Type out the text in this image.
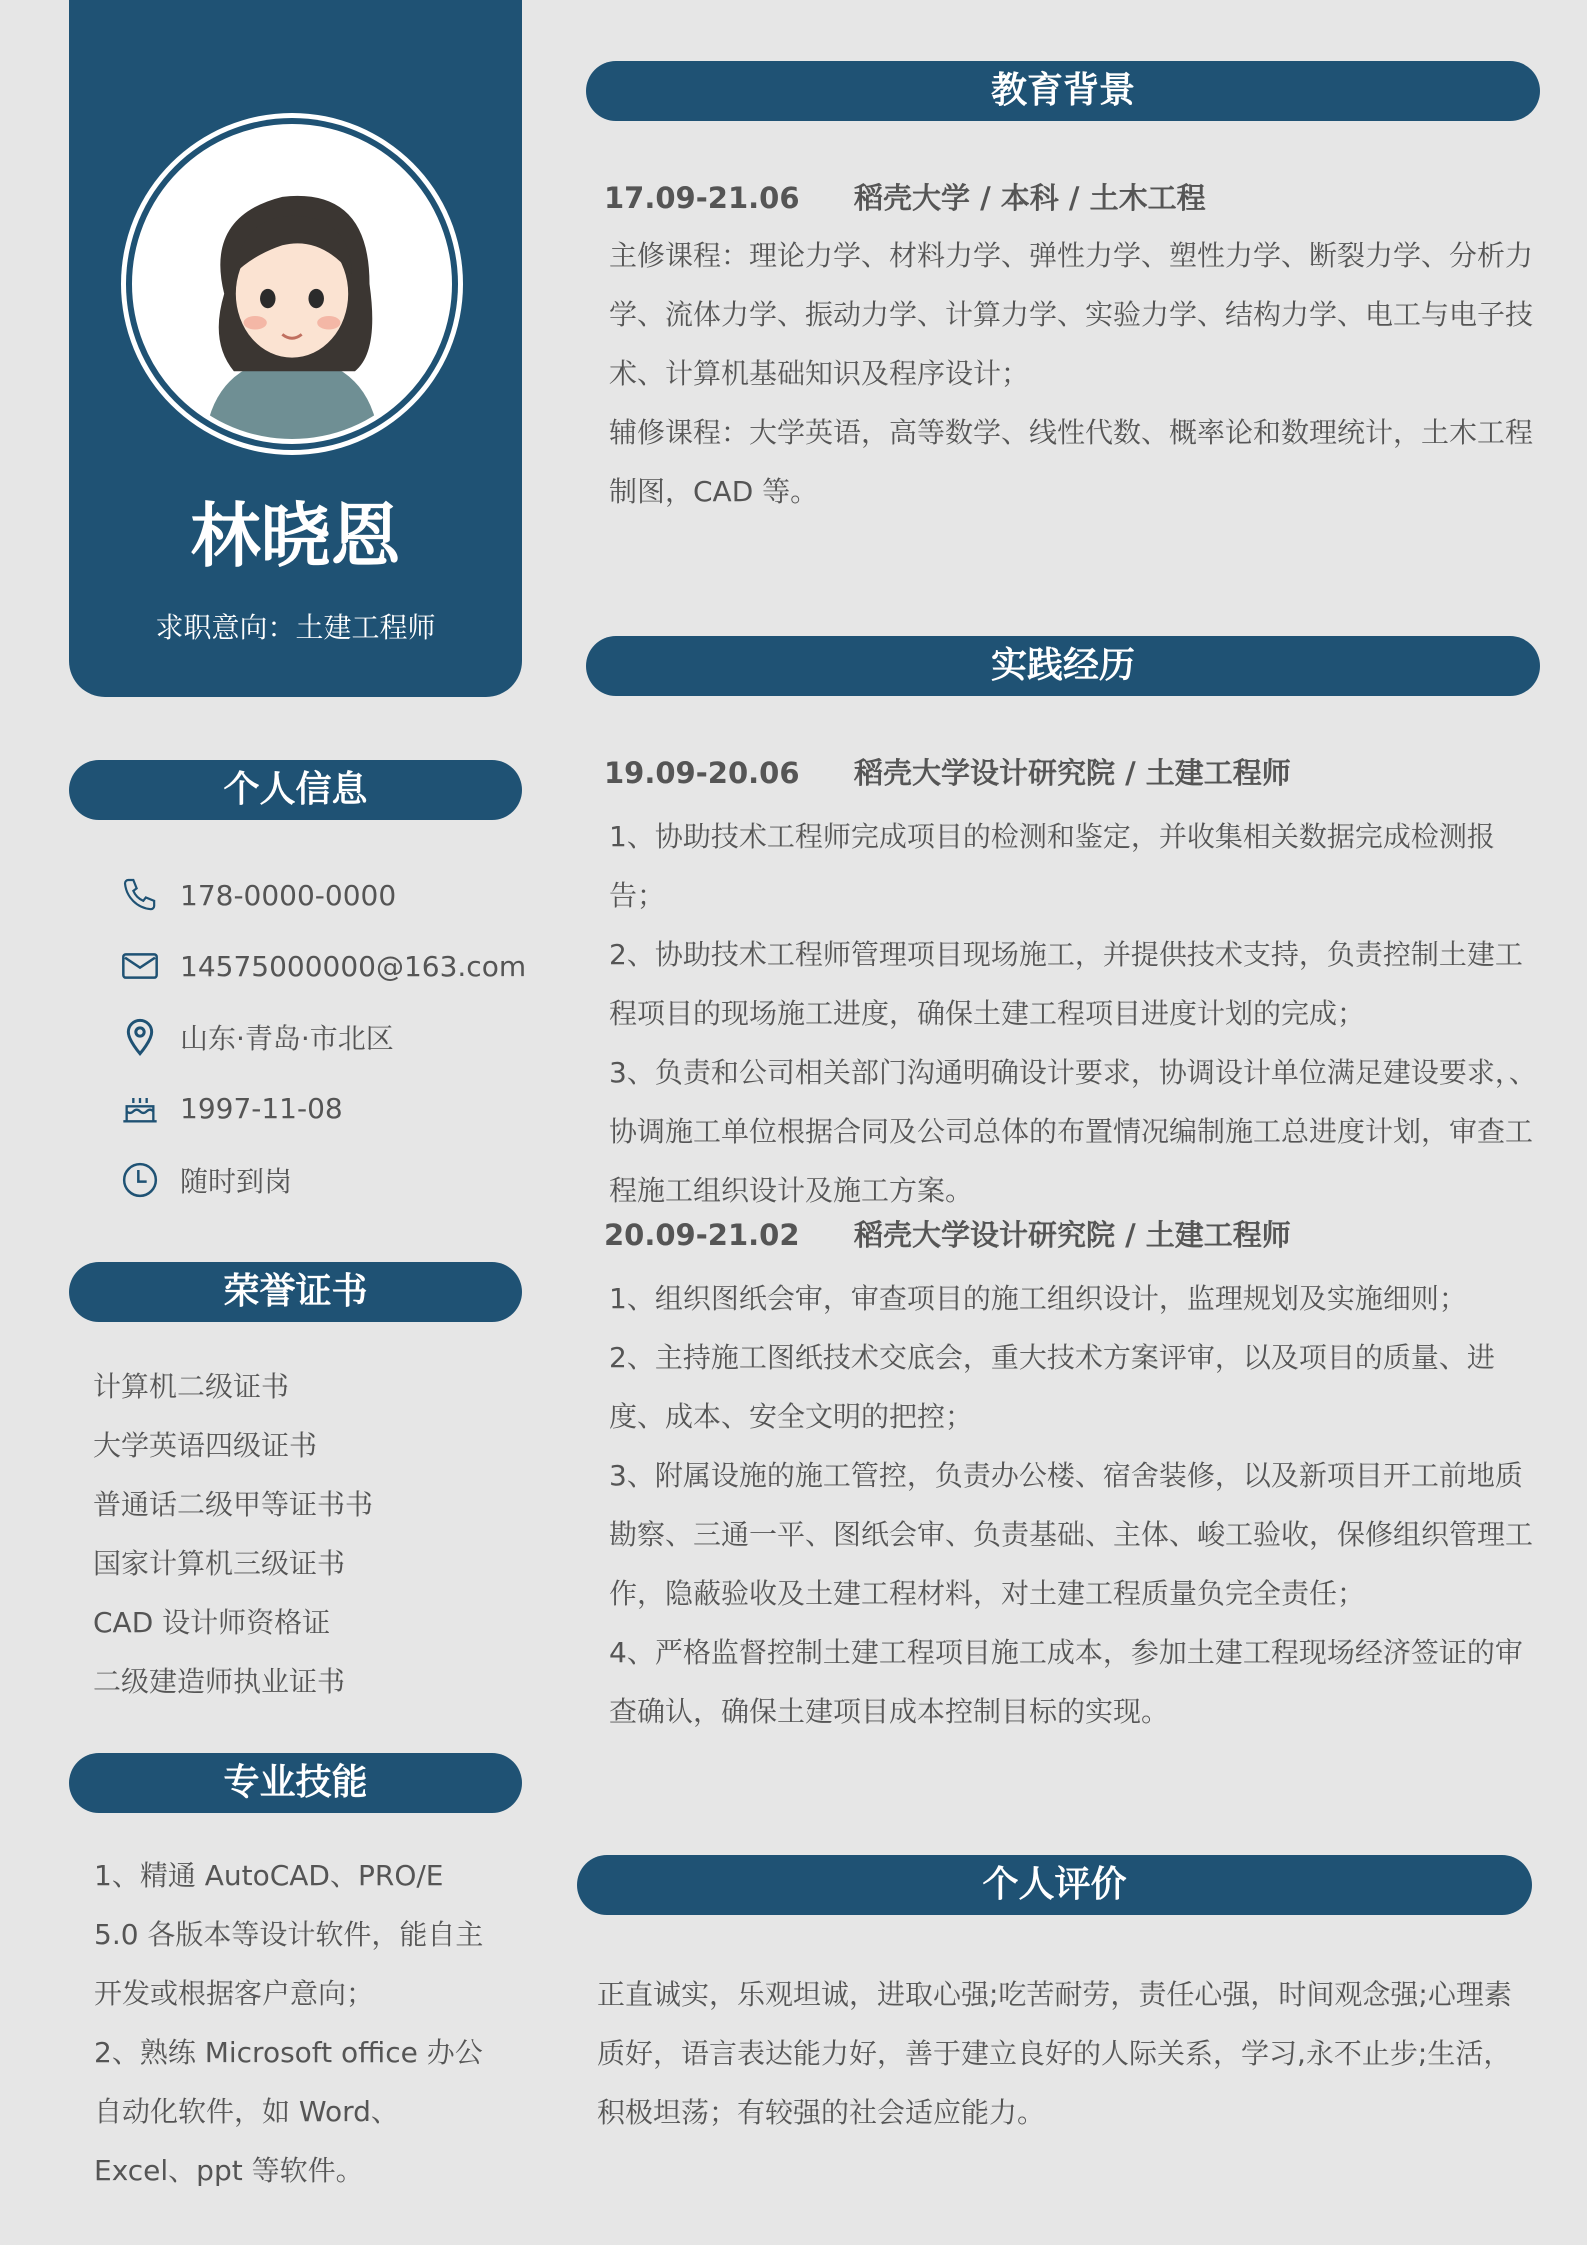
林晓恩
求职意向：土建工程师
个人信息
178-0000-0000
14575000000@163.com
山东·青岛·市北区
1997-11-08
随时到岗
荣誉证书
计算机二级证书
大学英语四级证书
普通话二级甲等证书书
国家计算机三级证书
CAD 设计师资格证
二级建造师执业证书
专业技能
1、精通 AutoCAD、PRO/E 5.0 各版本等设计软件，能自主开发或根据客户意向；
2、熟练 Microsoft office 办公自动化软件，如 Word、Excel、ppt 等软件。
教育背景
17.09-21.06 稻壳大学 / 本科 / 土木工程
主修课程：理论力学、材料力学、弹性力学、塑性力学、断裂力学、分析力学、流体力学、振动力学、计算力学、实验力学、结构力学、电工与电子技术、计算机基础知识及程序设计；
辅修课程：大学英语，高等数学、线性代数、概率论和数理统计，土木工程制图，CAD 等。
实践经历
19.09-20.06 稻壳大学设计研究院 / 土建工程师
1、协助技术工程师完成项目的检测和鉴定，并收集相关数据完成检测报告；
2、协助技术工程师管理项目现场施工，并提供技术支持，负责控制土建工程项目的现场施工进度，确保土建工程项目进度计划的完成；
3、负责和公司相关部门沟通明确设计要求，协调设计单位满足建设要求，、协调施工单位根据合同及公司总体的布置情况编制施工总进度计划，审查工程施工组织设计及施工方案。
20.09-21.02 稻壳大学设计研究院 / 土建工程师
1、组织图纸会审，审查项目的施工组织设计，监理规划及实施细则；
2、主持施工图纸技术交底会，重大技术方案评审，以及项目的质量、进度、成本、安全文明的把控；
3、附属设施的施工管控，负责办公楼、宿舍装修，以及新项目开工前地质勘察、三通一平、图纸会审、负责基础、主体、峻工验收，保修组织管理工作，隐蔽验收及土建工程材料，对土建工程质量负完全责任；
4、严格监督控制土建工程项目施工成本，参加土建工程现场经济签证的审查确认，确保土建项目成本控制目标的实现。
个人评价
正直诚实，乐观坦诚，进取心强;吃苦耐劳，责任心强，时间观念强;心理素质好，语言表达能力好，善于建立良好的人际关系，学习,永不止步;生活，积极坦荡；有较强的社会适应能力。
